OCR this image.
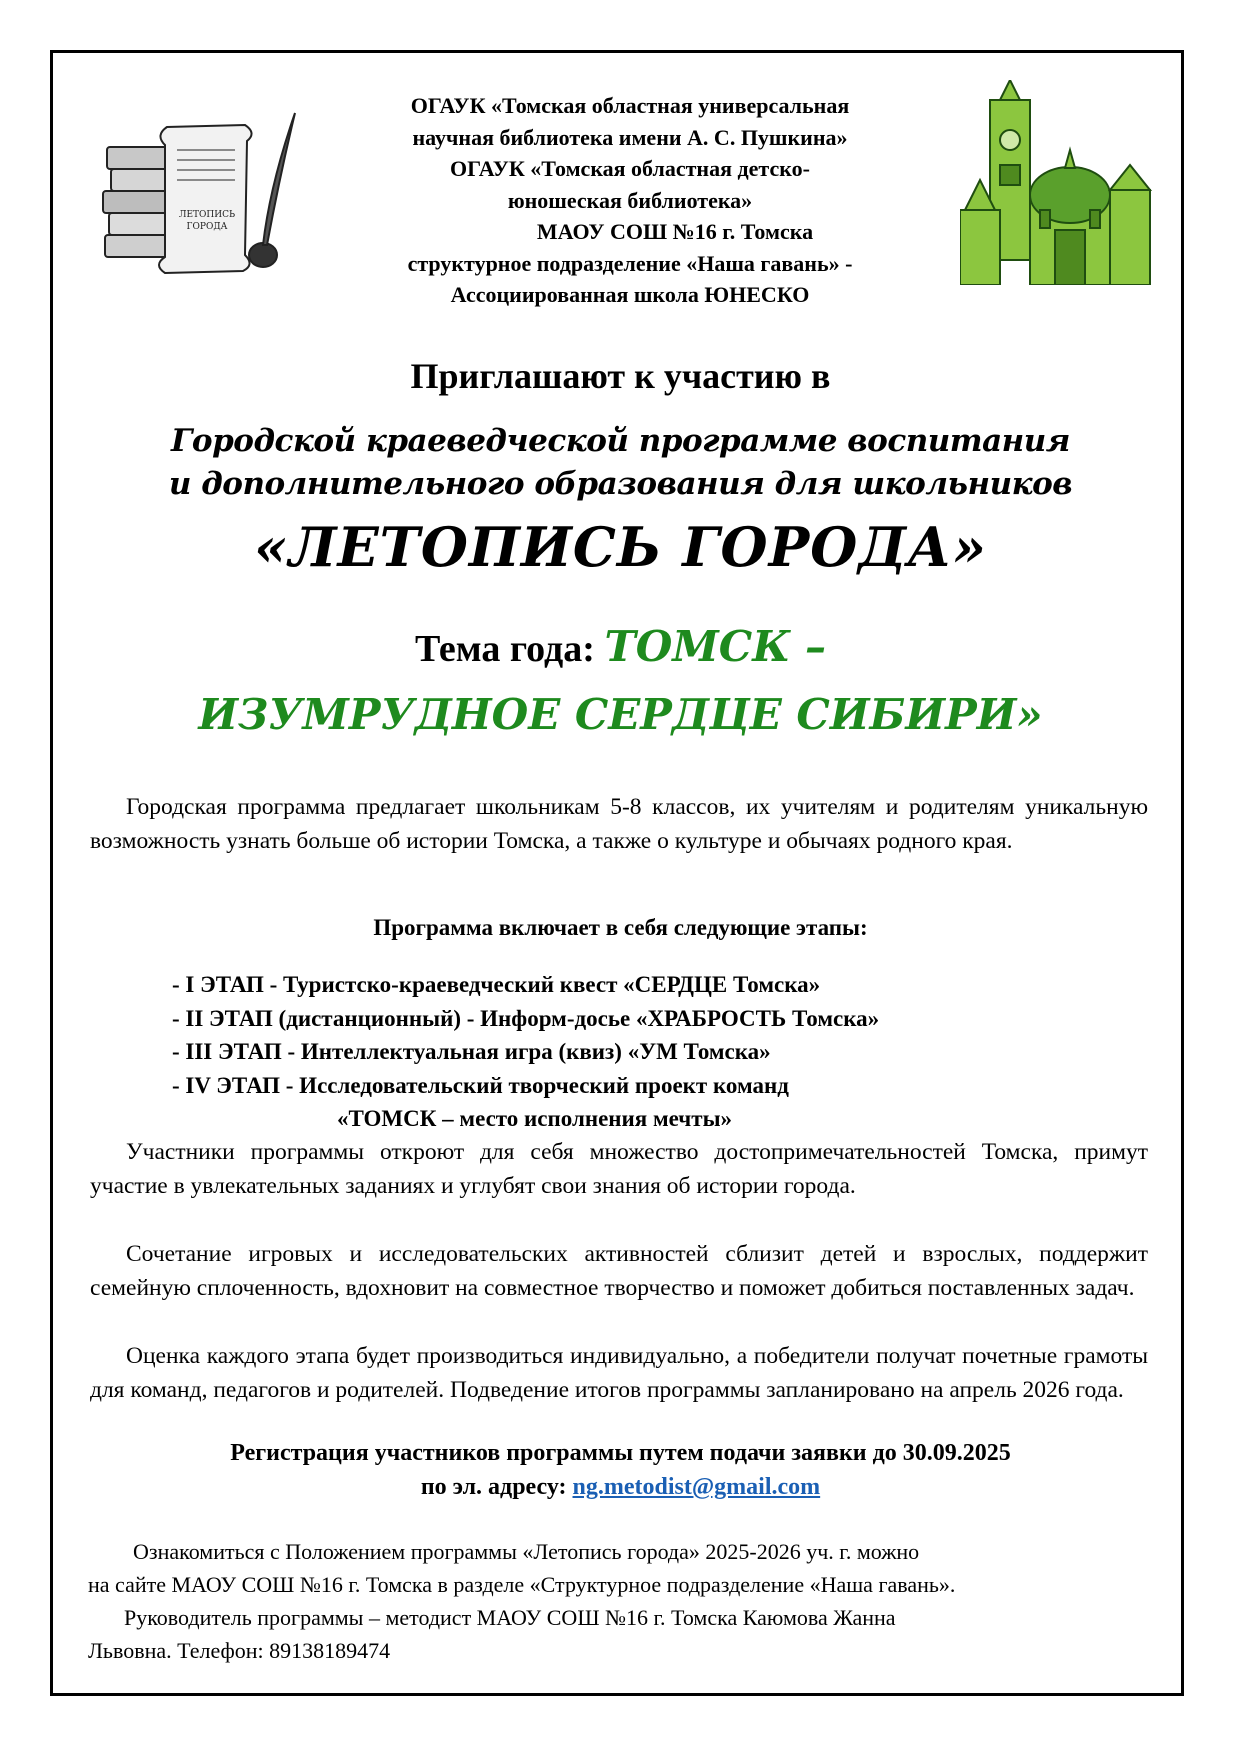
ЛЕТОПИСЬ
ГОРОДА
ОГАУК «Томская областная универсальная
научная библиотека имени А. С. Пушкина»
ОГАУК «Томская областная детско-
юношеская библиотека»
МАОУ СОШ №16 г. Томска
структурное подразделение «Наша гавань» -
Ассоциированная школа ЮНЕСКО
Приглашают к участию в
Городской краеведческой программе воспитания
и дополнительного образования для школьников
«ЛЕТОПИСЬ ГОРОДА»
Тема года: ТОМСК –
ИЗУМРУДНОЕ СЕРДЦЕ СИБИРИ»
Городская программа предлагает школьникам 5-8 классов, их учителям и родителям уникальную возможность узнать больше об истории Томска, а также о культуре и обычаях родного края.
Программа включает в себя следующие этапы:
- I ЭТАП - Туристско-краеведческий квест «СЕРДЦЕ Томска»
- II ЭТАП (дистанционный) - Информ-досье «ХРАБРОСТЬ Томска»
- III ЭТАП - Интеллектуальная игра (квиз) «УМ Томска»
- IV ЭТАП - Исследовательский творческий проект команд
«ТОМСК – место исполнения мечты»
Участники программы откроют для себя множество достопримечательностей Томска, примут участие в увлекательных заданиях и углубят свои знания об истории города.
Сочетание игровых и исследовательских активностей сблизит детей и взрослых, поддержит семейную сплоченность, вдохновит на совместное творчество и поможет добиться поставленных задач.
Оценка каждого этапа будет производиться индивидуально, а победители получат почетные грамоты для команд, педагогов и родителей. Подведение итогов программы запланировано на апрель 2026 года.
Регистрация участников программы путем подачи заявки до 30.09.2025
по эл. адресу: ng.metodist@gmail.com
Ознакомиться с Положением программы «Летопись города» 2025-2026 уч. г. можно
на сайте МАОУ СОШ №16 г. Томска в разделе «Структурное подразделение «Наша гавань».
Руководитель программы – методист МАОУ СОШ №16 г. Томска Каюмова Жанна
Львовна. Телефон: 89138189474
